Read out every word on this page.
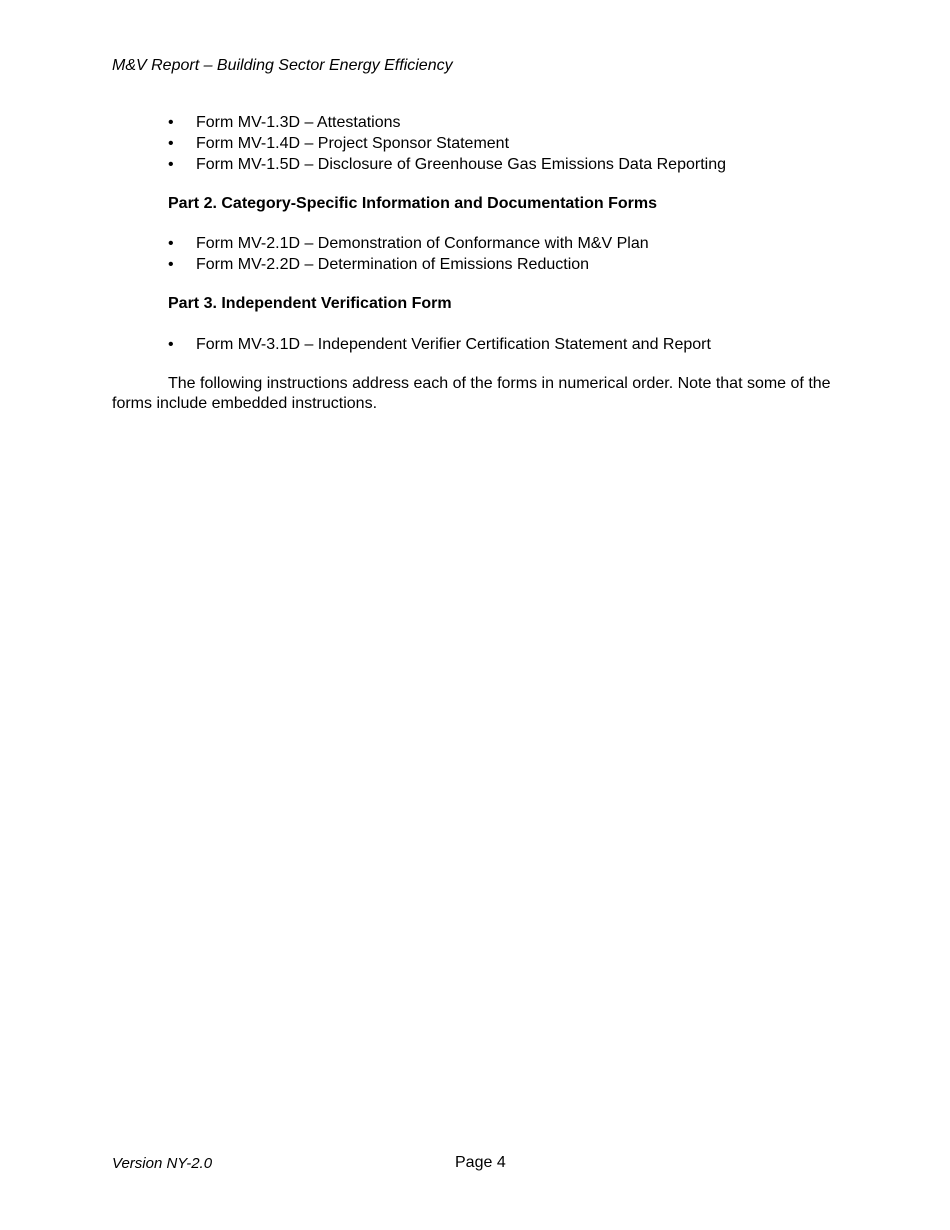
M&V Report – Building Sector Energy Efficiency

•	Form MV-1.3D – Attestations
•	Form MV-1.4D – Project Sponsor Statement
•	Form MV-1.5D – Disclosure of Greenhouse Gas Emissions Data Reporting
Part 2. Category-Specific Information and Documentation Forms
•	Form MV-2.1D – Demonstration of Conformance with M&V Plan
•	Form MV-2.2D – Determination of Emissions Reduction
Part 3. Independent Verification Form
•	Form MV-3.1D – Independent Verifier Certification Statement and Report

The following instructions address each of the forms in numerical order. Note that some of the forms include embedded instructions.

Version NY-2.0	Page 4
